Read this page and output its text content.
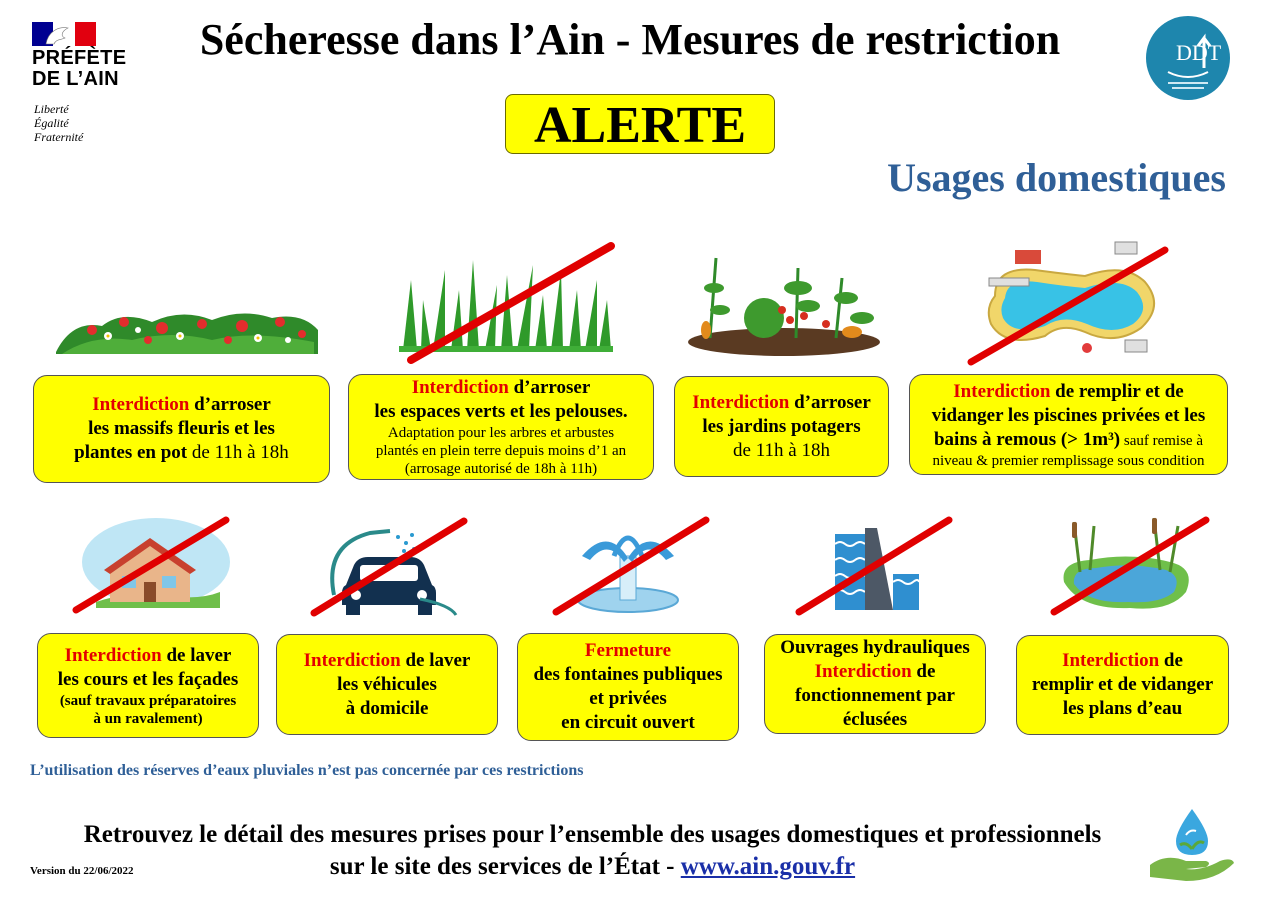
PRÉFÈTE
DE L’AIN
Liberté
Égalité
Fraternité
Sécheresse dans l’Ain - Mesures de restriction
ALERTE
DDT
Usages domestiques
Interdiction d’arroser
les massifs fleuris et les
plantes en pot de 11h à 18h
Interdiction d’arroser
les espaces verts et les pelouses.
Adaptation pour les arbres et arbustes
plantés en plein terre depuis moins d’1 an
(arrosage autorisé de 18h à 11h)
Interdiction d’arroser
les jardins potagers
de 11h à 18h
Interdiction de remplir et de
vidanger les piscines privées et les
bains à remous (> 1m³) sauf remise à
niveau & premier remplissage sous condition
Interdiction de laver
les cours et les façades
(sauf travaux préparatoires
à un ravalement)
Interdiction de laver
les véhicules
à domicile
Fermeture
des fontaines publiques
et privées
en circuit ouvert
Ouvrages hydrauliques
Interdiction de
fonctionnement par
éclusées
Interdiction de
remplir et de vidanger
les plans d’eau
L’utilisation des réserves d’eaux pluviales n’est pas concernée par ces restrictions
Retrouvez le détail des mesures prises pour l’ensemble des usages domestiques et professionnels
sur le site des services de l’État - www.ain.gouv.fr
Version du 22/06/2022
